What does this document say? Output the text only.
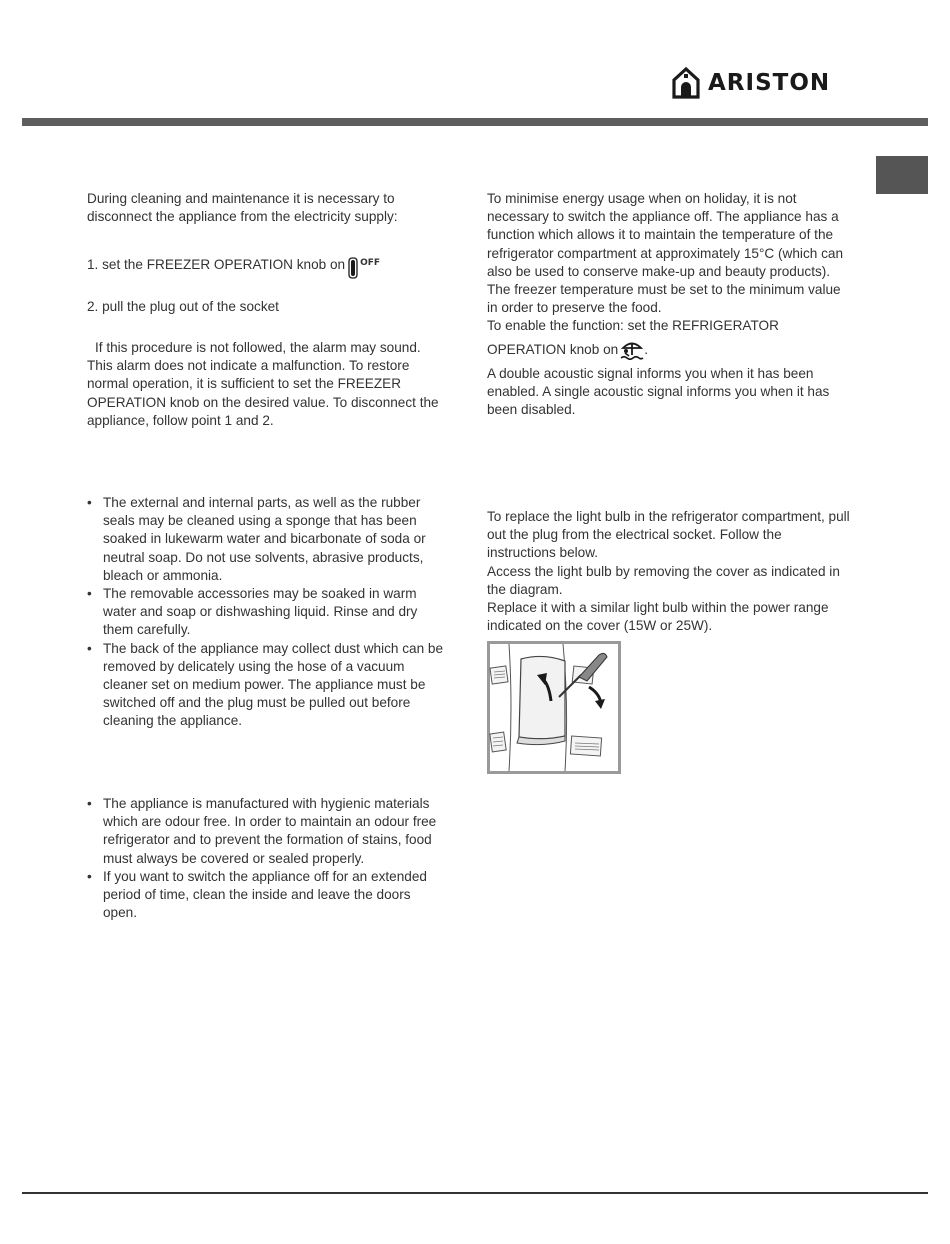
ARISTON

During cleaning and maintenance it is necessary to disconnect the appliance from the electricity supply:

1. set the FREEZER OPERATION knob on $^{OFF}$

2. pull the plug out of the socket

If this procedure is not followed, the alarm may sound. This alarm does not indicate a malfunction. To restore normal operation, it is sufficient to set the FREEZER OPERATION knob on the desired value. To disconnect the appliance, follow point 1 and 2.

• The external and internal parts, as well as the rubber seals may be cleaned using a sponge that has been soaked in lukewarm water and bicarbonate of soda or neutral soap. Do not use solvents, abrasive products, bleach or ammonia.
• The removable accessories may be soaked in warm water and soap or dishwashing liquid. Rinse and dry them carefully.
• The back of the appliance may collect dust which can be removed by delicately using the hose of a vacuum cleaner set on medium power. The appliance must be switched off and the plug must be pulled out before cleaning the appliance.
• The appliance is manufactured with hygienic materials which are odour free. In order to maintain an odour free refrigerator and to prevent the formation of stains, food must always be covered or sealed properly.
• If you want to switch the appliance off for an extended period of time, clean the inside and leave the doors open.

To minimise energy usage when on holiday, it is not necessary to switch the appliance off. The appliance has a function which allows it to maintain the temperature of the refrigerator compartment at approximately 15°C (which can also be used to conserve make-up and beauty products). The freezer temperature must be set to the minimum value in order to preserve the food.

To enable the function: set the REFRIGERATOR

OPERATION knob on .

A double acoustic signal informs you when it has been enabled. A single acoustic signal informs you when it has been disabled.

To replace the light bulb in the refrigerator compartment, pull out the plug from the electrical socket. Follow the instructions below.

Access the light bulb by removing the cover as indicated in the diagram.

Replace it with a similar light bulb within the power range indicated on the cover (15W or 25W).
